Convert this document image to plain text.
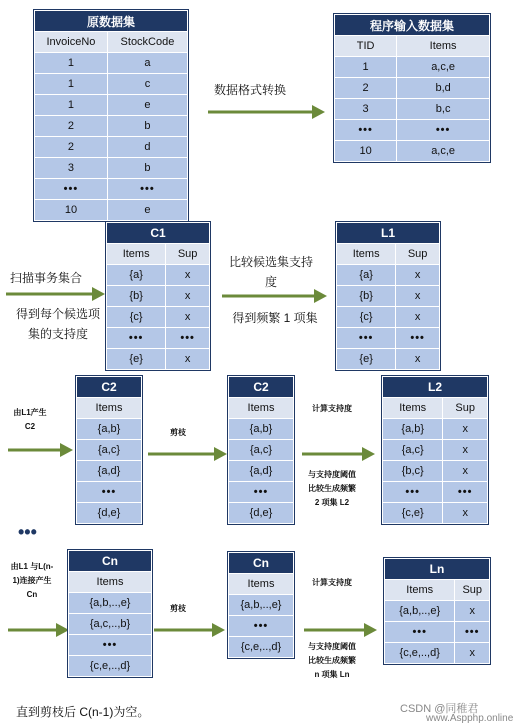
原数据集	
InvoiceNo	StockCode
1	a
1	c
1	e
2	b
2	d
3	b
•••	•••
10	e
程序输入数据集	
TID	Items
1	a,c,e
2	b,d
3	b,c
•••	•••
10	a,c,e
数据格式转换
扫描事务集合
得到每个候选项集的支持度
C1	
Items	Sup
{a}	x
{b}	x
{c}	x
•••	•••
{e}	x
比较候选集支持度
得到频繁 1 项集
L1	
Items	Sup
{a}	x
{b}	x
{c}	x
•••	•••
{e}	x
由L1产生C2
C2
Items
{a,b}
{a,c}
{a,d}
•••
{d,e}
剪枝
C2
Items
{a,b}
{a,c}
{a,d}
•••
{d,e}
计算支持度
与支持度阈值比较生成频繁2 项集 L2
L2	
Items	Sup
{a,b}	x
{a,c}	x
{b,c}	x
•••	•••
{c,e}	x
•••
由L1 与L(n-1)连接产生 Cn
Cn
Items
{a,b,..,e}
{a,c,..,b}
•••
{c,e,..,d}
剪枝
Cn
Items
{a,b,..,e}
•••
{c,e,..,d}
计算支持度
与支持度阈值比较生成频繁n 项集 Ln
Ln	
Items	Sup
{a,b,..,e}	x
•••	•••
{c,e,..,d}	x
直到剪枝后 C(n-1)为空。	CSDN @同稚君
www.Aspphp.online
